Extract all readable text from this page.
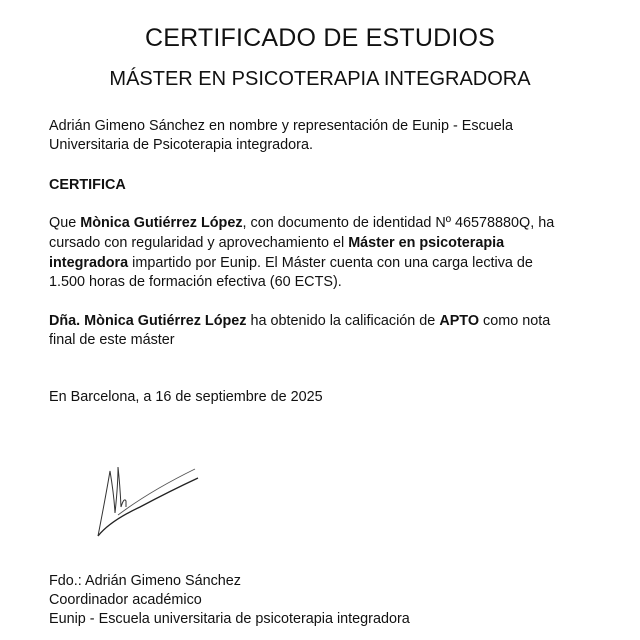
CERTIFICADO DE ESTUDIOS
MÁSTER EN PSICOTERAPIA INTEGRADORA
Adrián Gimeno Sánchez en nombre y representación de Eunip - Escuela
Universitaria de Psicoterapia integradora.
CERTIFICA
Que Mònica Gutiérrez López, con documento de identidad Nº 46578880Q, ha
cursado con regularidad y aprovechamiento el Máster en psicoterapia
integradora impartido por Eunip. El Máster cuenta con una carga lectiva de
1.500 horas de formación efectiva (60 ECTS).
Dña. Mònica Gutiérrez López ha obtenido la calificación de APTO como nota
final de este máster
En Barcelona, a 16 de septiembre de 2025
Fdo.: Adrián Gimeno Sánchez
Coordinador académico
Eunip - Escuela universitaria de psicoterapia integradora
